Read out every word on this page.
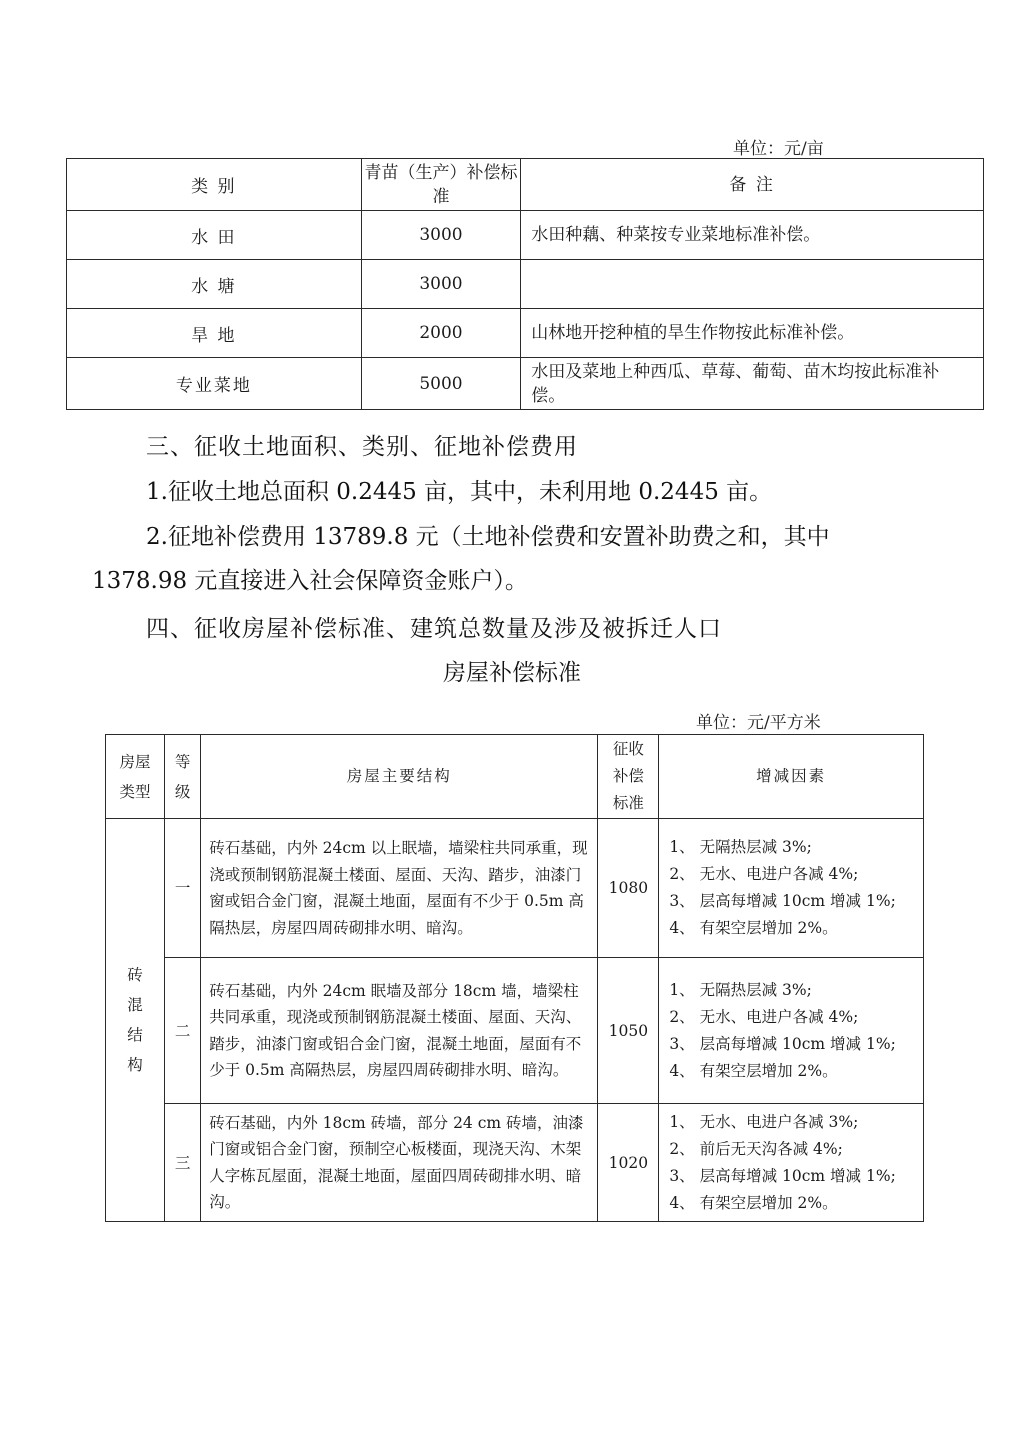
单位：元/亩
类 别	青苗（生产）补偿标准	备 注
水 田	3000	水田种藕、种菜按专业菜地标准补偿。
水 塘	3000	
旱 地	2000	山林地开挖种植的旱生作物按此标准补偿。
专业菜地	5000	水田及菜地上种西瓜、草莓、葡萄、苗木均按此标准补偿。
三、征收土地面积、类别、征地补偿费用
1.征收土地总面积 0.2445 亩，其中，未利用地 0.2445 亩。
2.征地补偿费用 13789.8 元（土地补偿费和安置补助费之和，其中
1378.98 元直接进入社会保障资金账户）。
四、征收房屋补偿标准、建筑总数量及涉及被拆迁人口
房屋补偿标准
单位：元/平方米
房屋类型	等级	房屋主要结构	征收补偿标准	增减因素
砖混结构	一	砖石基础，内外 24cm 以上眠墙，墙梁柱共同承重，现浇或预制钢筋混凝土楼面、屋面、天沟、踏步，油漆门窗或铝合金门窗，混凝土地面，屋面有不少于 0.5m 高隔热层，房屋四周砖砌排水明、暗沟。	1080	1、 无隔热层减 3%;
2、 无水、电进户各减 4%;
3、 层高每增减 10cm 增减 1%;
4、 有架空层增加 2%。

	二	砖石基础，内外 24cm 眠墙及部分 18cm 墙，墙梁柱共同承重，现浇或预制钢筋混凝土楼面、屋面、天沟、踏步，油漆门窗或铝合金门窗，混凝土地面，屋面有不少于 0.5m 高隔热层，房屋四周砖砌排水明、暗沟。	1050	1、 无隔热层减 3%;
2、 无水、电进户各减 4%;
3、 层高每增减 10cm 增减 1%;
4、 有架空层增加 2%。

	三	砖石基础，内外 18cm 砖墙，部分 24 cm 砖墙，油漆门窗或铝合金门窗，预制空心板楼面，现浇天沟、木架人字栋瓦屋面，混凝土地面，屋面四周砖砌排水明、暗沟。	1020	1、 无水、电进户各减 3%;
2、 前后无天沟各减 4%;
3、 层高每增减 10cm 增减 1%;
4、 有架空层增加 2%。
